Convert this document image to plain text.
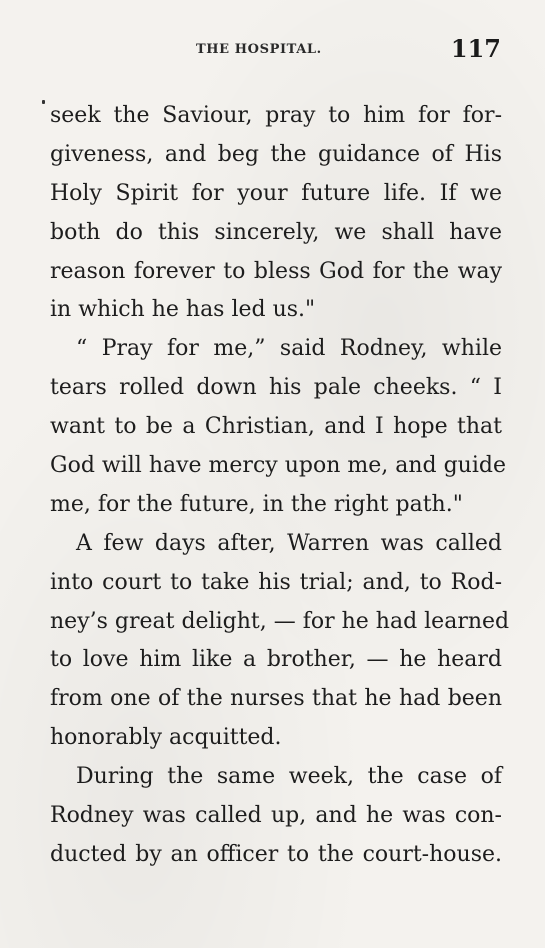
THE HOSPITAL.	117
seek the Saviour, pray to him for for-
giveness, and beg the guidance of His
Holy Spirit for your future life. If we
both do this sincerely, we shall have
reason forever to bless God for the way
in which he has led us."
“ Pray for me,” said Rodney, while
tears rolled down his pale cheeks. “ I
want to be a Christian, and I hope that
God will have mercy upon me, and guide
me, for the future, in the right path."
A few days after, Warren was called
into court to take his trial; and, to Rod-
ney’s great delight, — for he had learned
to love him like a brother, — he heard
from one of the nurses that he had been
honorably acquitted.
During the same week, the case of
Rodney was called up, and he was con-
ducted by an officer to the court-house.
